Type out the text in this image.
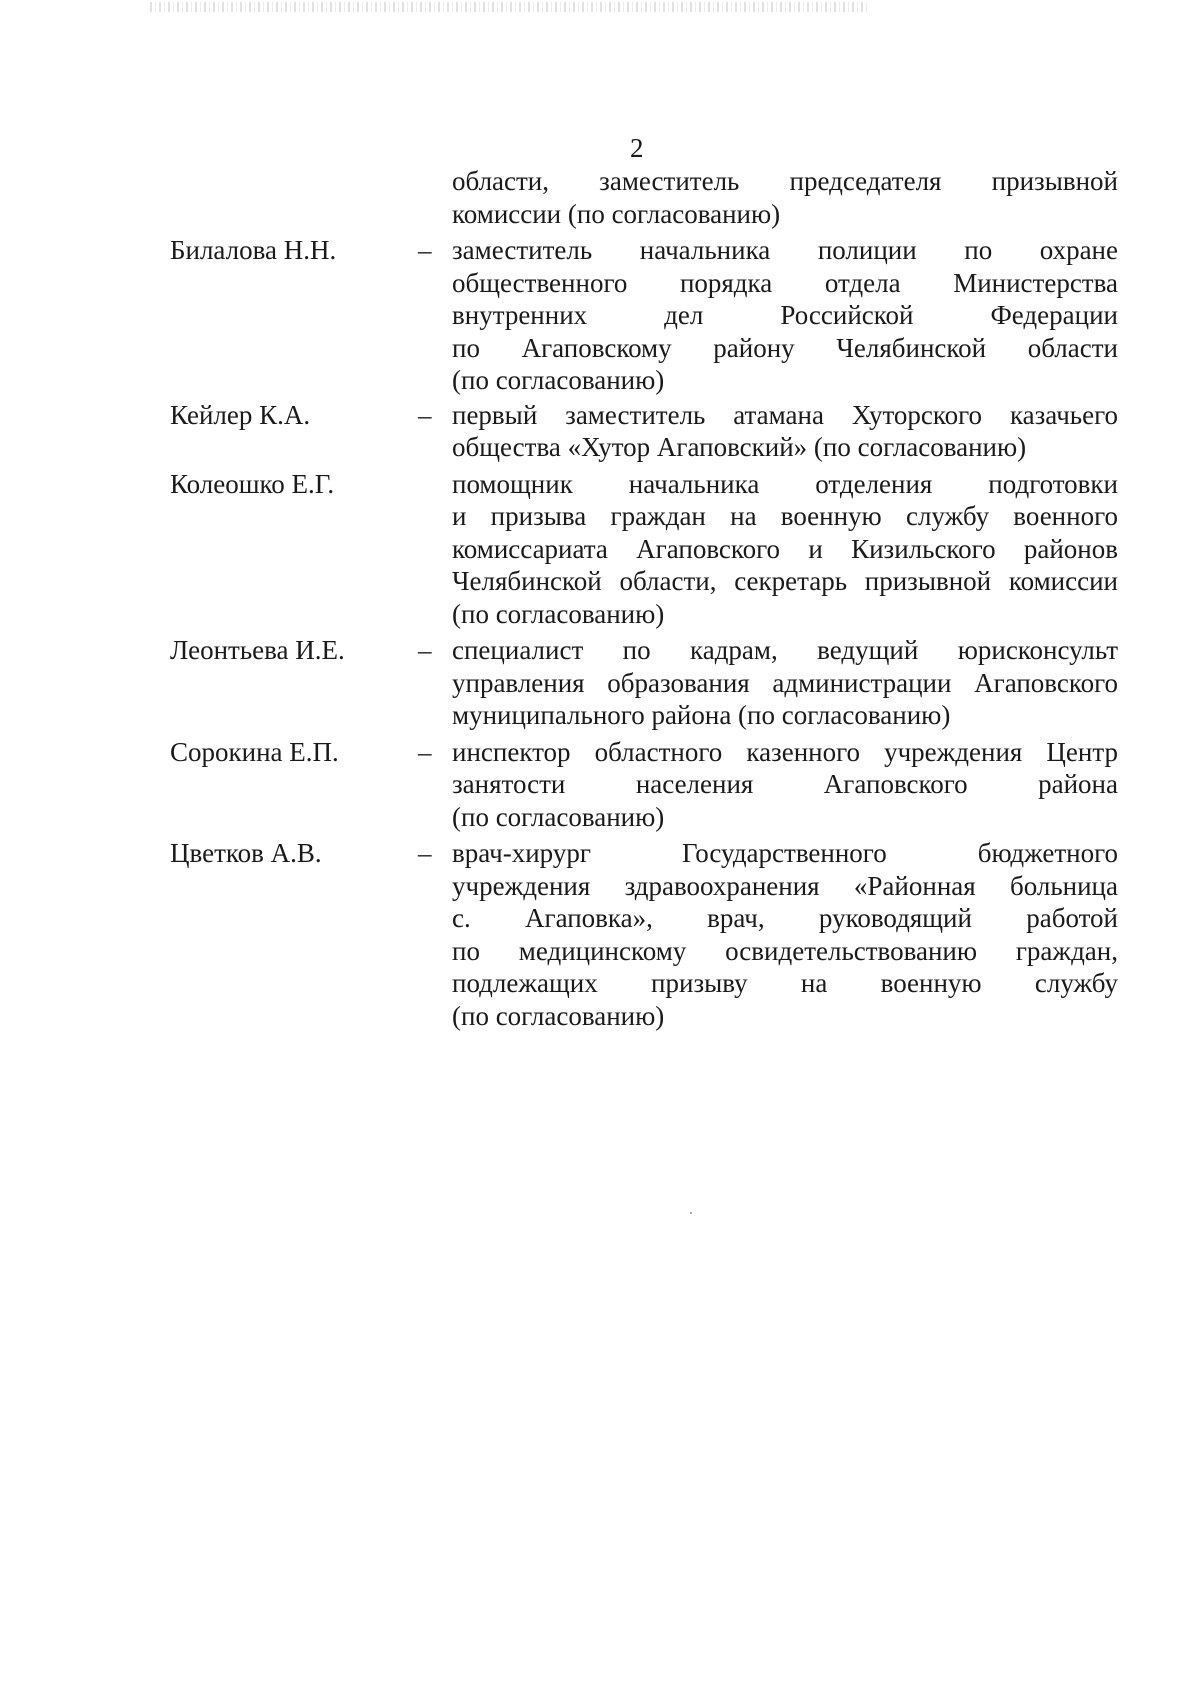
2
области, заместитель председателя призывной
комиссии (по согласованию)
Билалова Н.Н.	– заместитель начальника полиции по охране
общественного порядка отдела Министерства
внутренних дел Российской Федерации
по Агаповскому району Челябинской области
(по согласованию)
Кейлер К.А.	– первый заместитель атамана Хуторского казачьего
общества «Хутор Агаповский» (по согласованию)
Колеошко Е.Г.	помощник начальника отделения подготовки
и призыва граждан на военную службу военного
комиссариата Агаповского и Кизильского районов
Челябинской области, секретарь призывной комиссии
(по согласованию)
Леонтьева И.Е.	– специалист по кадрам, ведущий юрисконсульт
управления образования администрации Агаповского
муниципального района (по согласованию)
Сорокина Е.П.	– инспектор областного казенного учреждения Центр
занятости населения Агаповского района
(по согласованию)
Цветков А.В.	– врач-хирург Государственного бюджетного
учреждения здравоохранения «Районная больница
с. Агаповка», врач, руководящий работой
по медицинскому освидетельствованию граждан,
подлежащих призыву на военную службу
(по согласованию)
